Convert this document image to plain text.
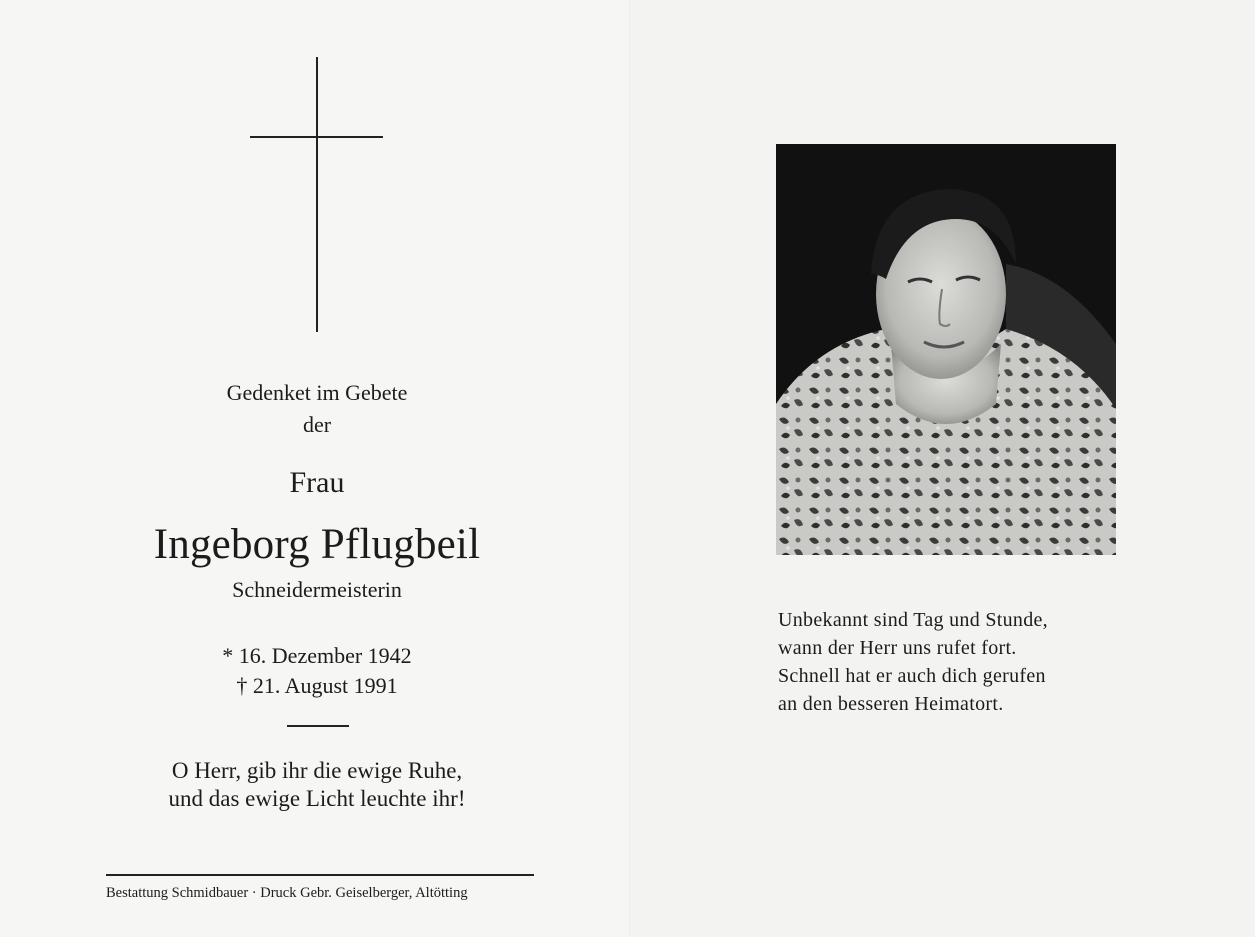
Gedenket im Gebete
der
Frau
Ingeborg Pflugbeil
Schneidermeisterin
* 16. Dezember 1942
† 21. August 1991
O Herr, gib ihr die ewige Ruhe,
und das ewige Licht leuchte ihr!
Bestattung Schmidbauer · Druck Gebr. Geiselberger, Altötting
Unbekannt sind Tag und Stunde,
wann der Herr uns rufet fort.
Schnell hat er auch dich gerufen
an den besseren Heimatort.
